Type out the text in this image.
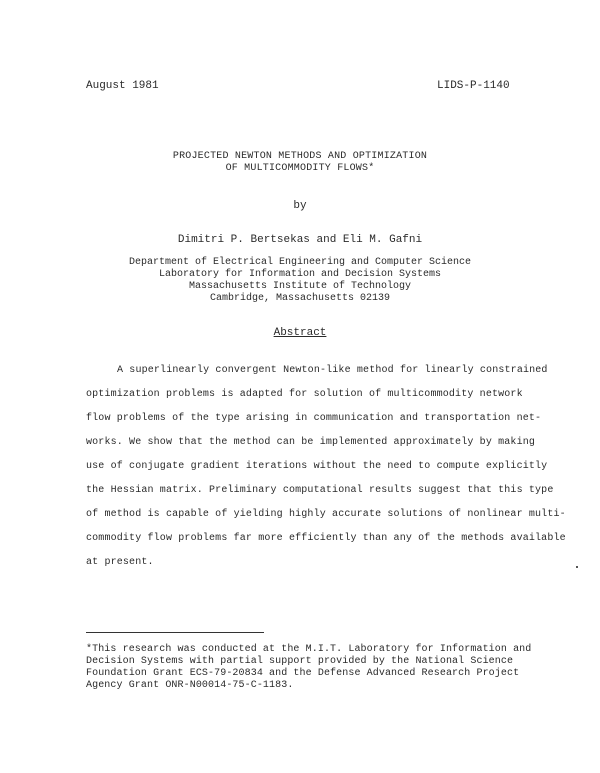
August 1981	LIDS-P-1140
PROJECTED NEWTON METHODS AND OPTIMIZATION
OF MULTICOMMODITY FLOWS*
by
Dimitri P. Bertsekas and Eli M. Gafni
Department of Electrical Engineering and Computer Science
Laboratory for Information and Decision Systems
Massachusetts Institute of Technology
Cambridge, Massachusetts 02139
Abstract
A superlinearly convergent Newton-like method for linearly constrained
optimization problems is adapted for solution of multicommodity network
flow problems of the type arising in communication and transportation net-
works. We show that the method can be implemented approximately by making
use of conjugate gradient iterations without the need to compute explicitly
the Hessian matrix. Preliminary computational results suggest that this type
of method is capable of yielding highly accurate solutions of nonlinear multi-
commodity flow problems far more efficiently than any of the methods available
at present.
*This research was conducted at the M.I.T. Laboratory for Information and
Decision Systems with partial support provided by the National Science
Foundation Grant ECS-79-20834 and the Defense Advanced Research Project
Agency Grant ONR-N00014-75-C-1183.
